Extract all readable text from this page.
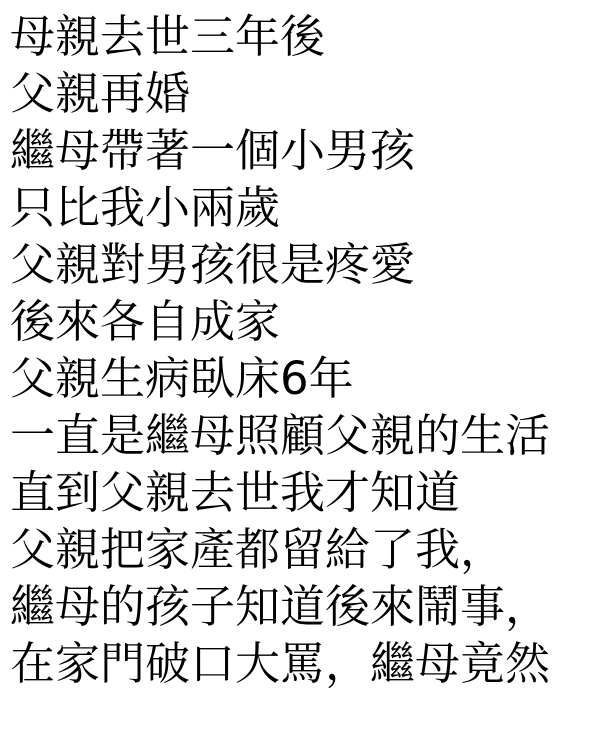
母親去世三年後
父親再婚
繼母帶著一個小男孩
只比我小兩歲
父親對男孩很是疼愛
後來各自成家
父親生病臥床6年
一直是繼母照顧父親的生活
直到父親去世我才知道
父親把家產都留給了我，
繼母的孩子知道後來鬧事，
在家門破口大罵，繼母竟然
